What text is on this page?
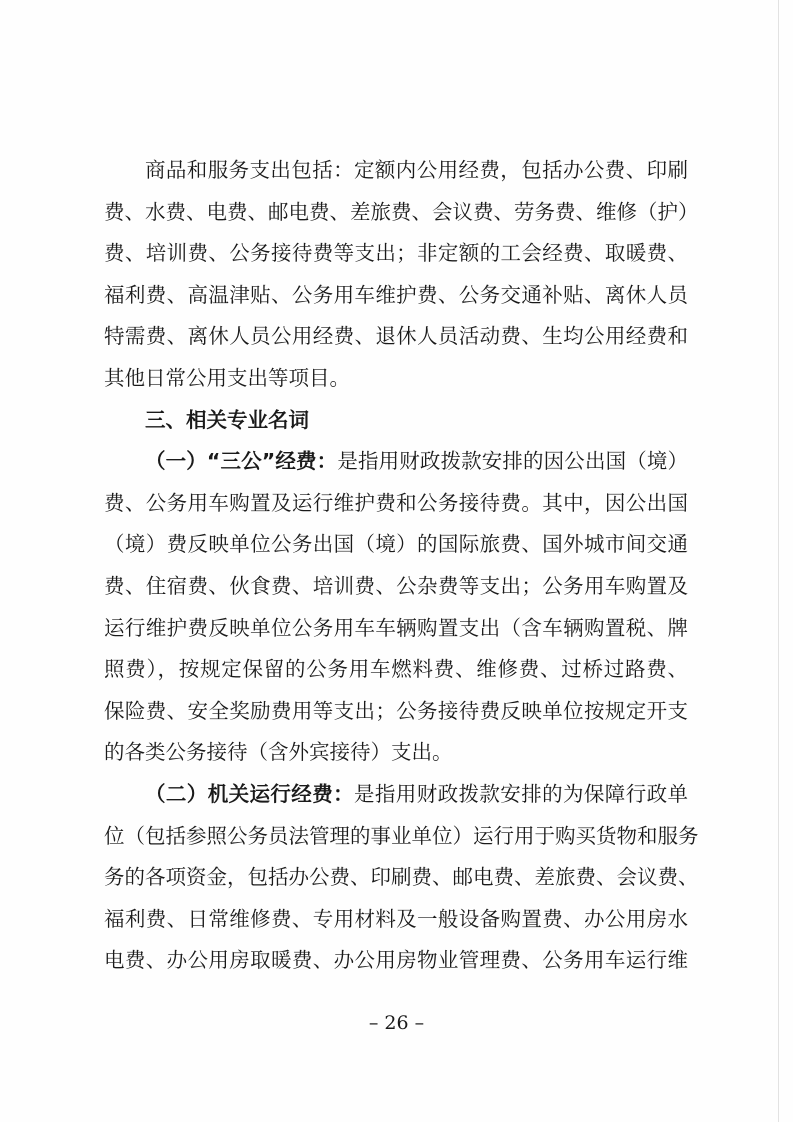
商品和服务支出包括：定额内公用经费，包括办公费、印刷
费、水费、电费、邮电费、差旅费、会议费、劳务费、维修（护）
费、培训费、公务接待费等支出；非定额的工会经费、取暖费、
福利费、高温津贴、公务用车维护费、公务交通补贴、离休人员
特需费、离休人员公用经费、退休人员活动费、生均公用经费和
其他日常公用支出等项目。
三、相关专业名词
（一）“三公”经费：是指用财政拨款安排的因公出国（境）
费、公务用车购置及运行维护费和公务接待费。其中，因公出国
（境）费反映单位公务出国（境）的国际旅费、国外城市间交通
费、住宿费、伙食费、培训费、公杂费等支出；公务用车购置及
运行维护费反映单位公务用车车辆购置支出（含车辆购置税、牌
照费），按规定保留的公务用车燃料费、维修费、过桥过路费、
保险费、安全奖励费用等支出；公务接待费反映单位按规定开支
的各类公务接待（含外宾接待）支出。
（二）机关运行经费：是指用财政拨款安排的为保障行政单
位（包括参照公务员法管理的事业单位）运行用于购买货物和服务
务的各项资金，包括办公费、印刷费、邮电费、差旅费、会议费、
福利费、日常维修费、专用材料及一般设备购置费、办公用房水
电费、办公用房取暖费、办公用房物业管理费、公务用车运行维
– 26 –
